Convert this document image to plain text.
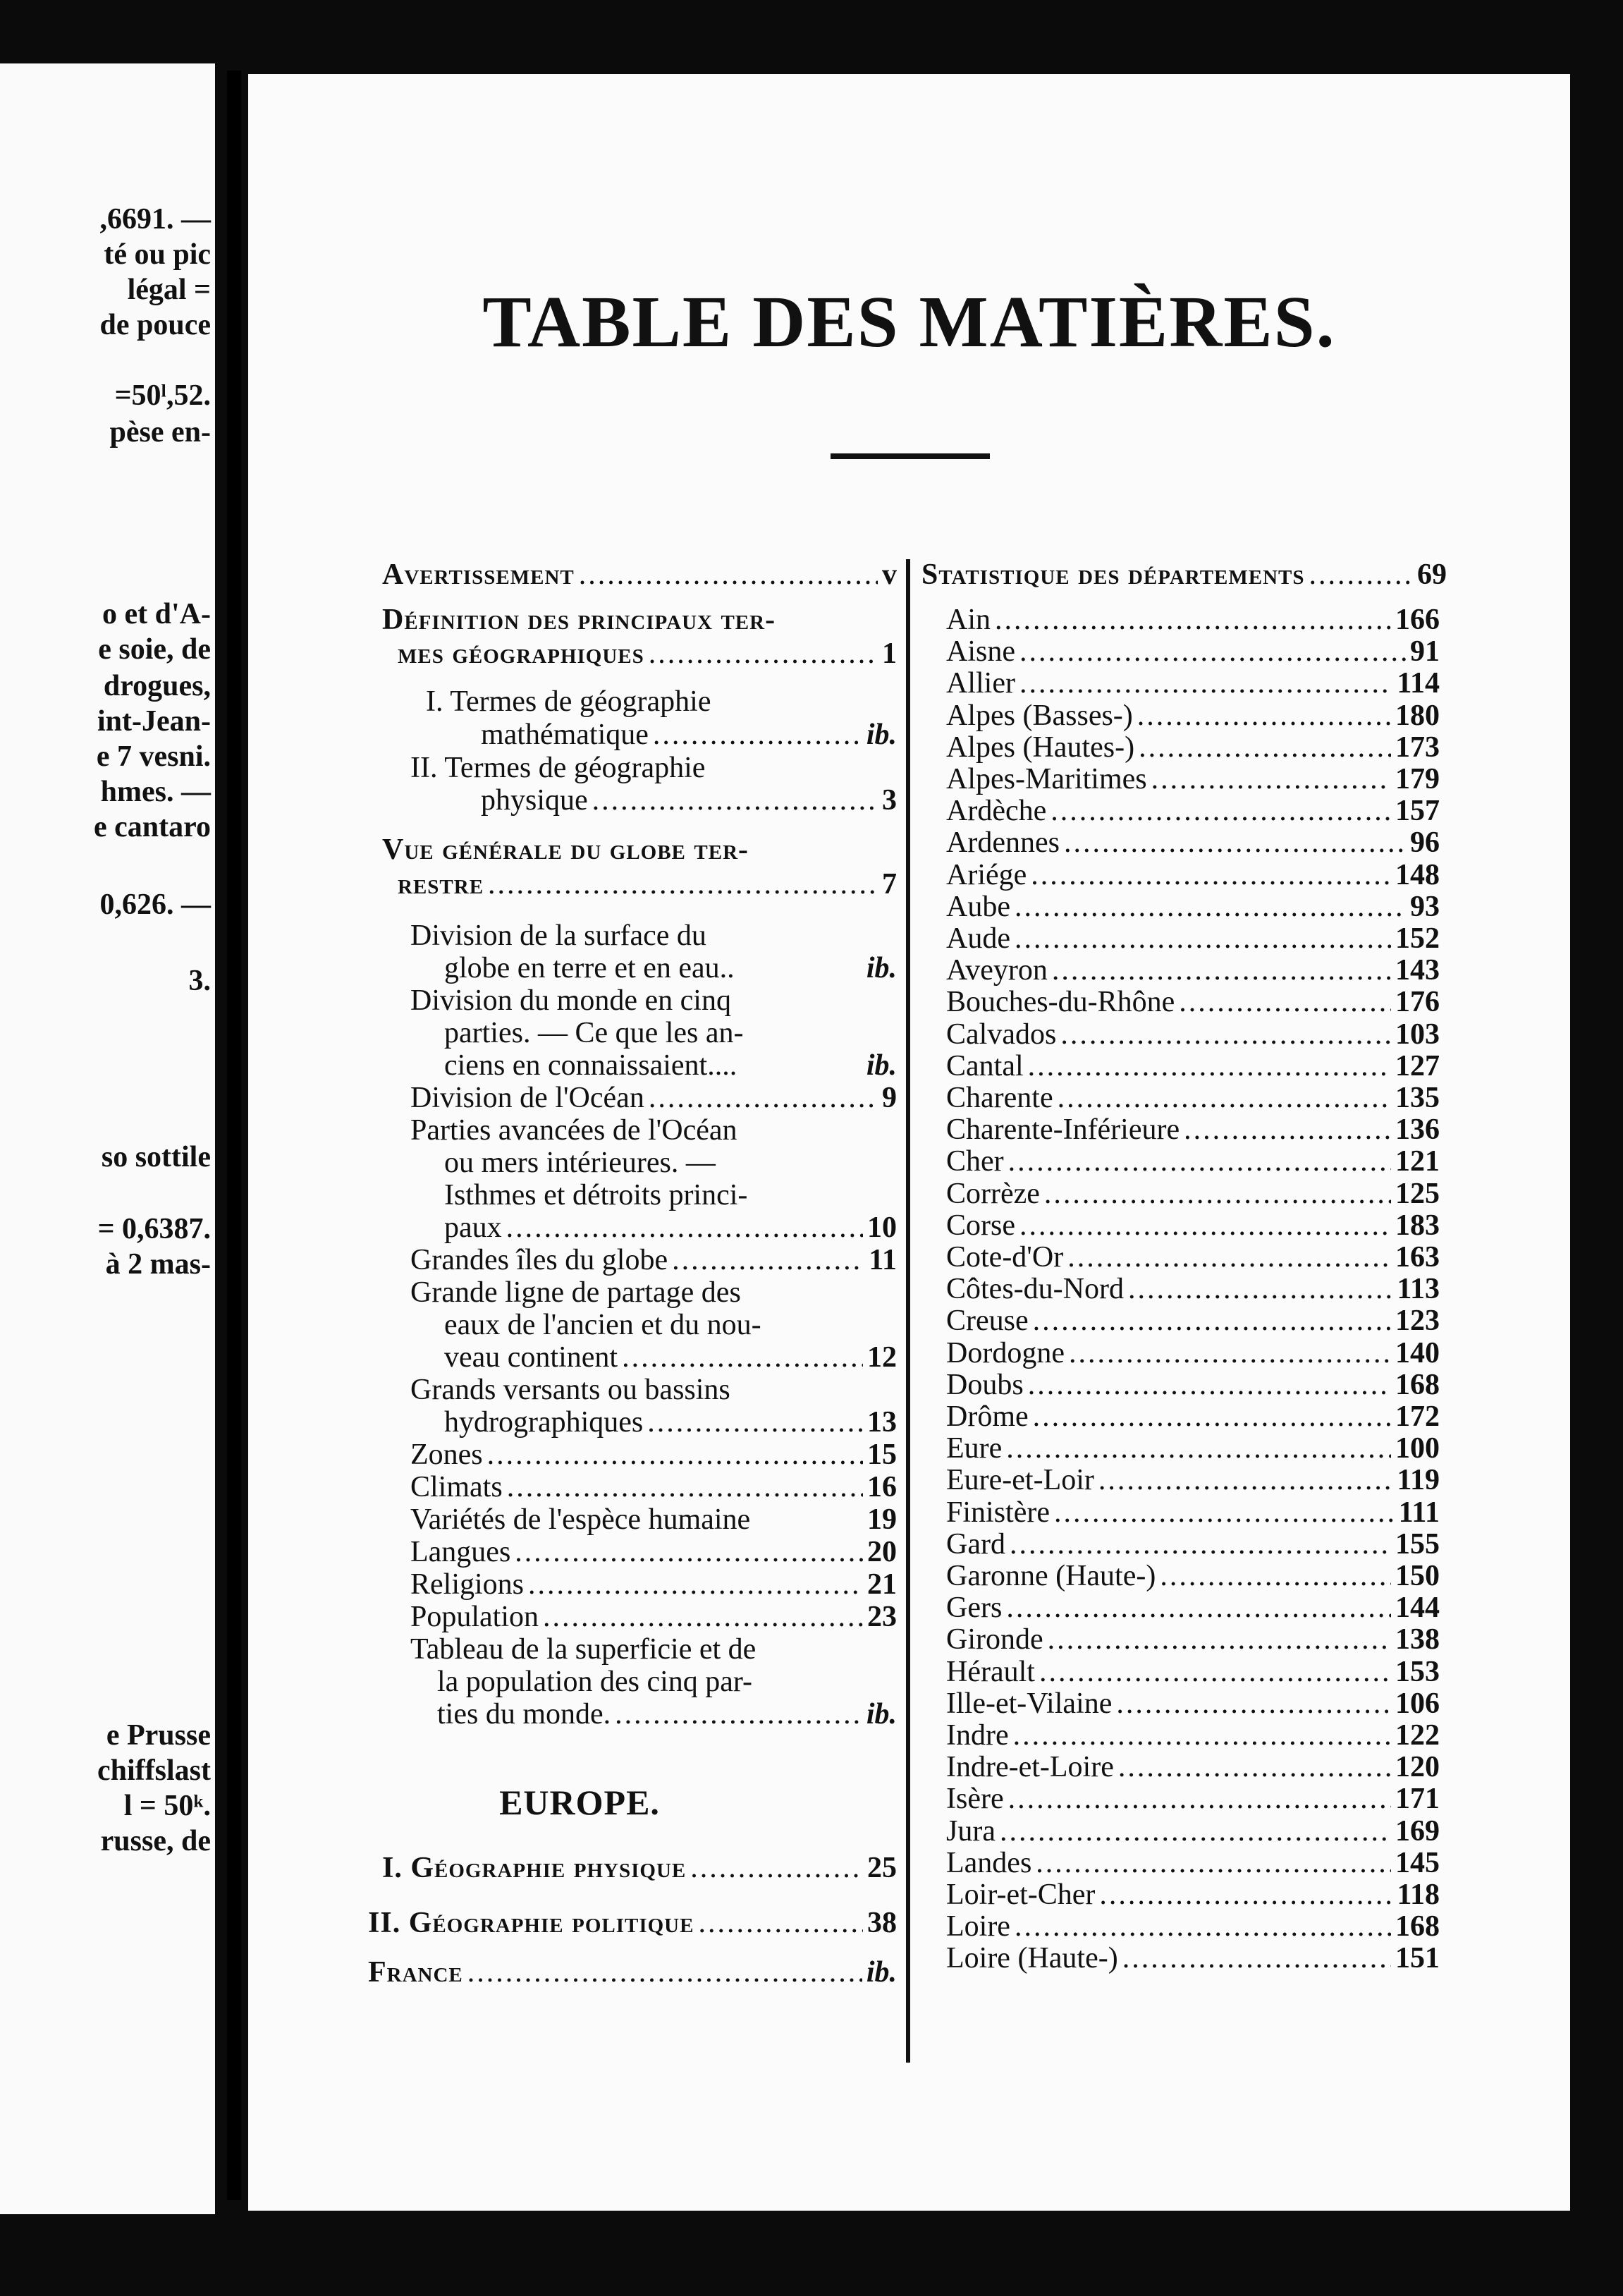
,6691. —
té ou pic
légal =
de pouce
=50ˡ,52.
pèse en-
o et d'A-
e soie, de
drogues,
int-Jean-
e 7 vesni.
hmes. —
e cantaro
0,626. —
3.
so sottile
= 0,6387.
à 2 mas-
e Prusse
chiffslast
l = 50ᵏ.
russe, de
TABLE DES MATIÈRES.
EUROPE.
Avertissement .....	v
Définition des principaux ter-
mes géographiques .....	1
I. Termes de géographie
mathématique .....	ib.
II. Termes de géographie
physique .....	3
Vue générale du globe ter-
restre .....	7
Division de la surface du
globe en terre et en eau..	ib.
Division du monde en cinq
parties. — Ce que les an-
ciens en connaissaient....	ib.
Division de l'Océan .....	9
Parties avancées de l'Océan
ou mers intérieures. —
Isthmes et détroits princi-
paux .....	10
Grandes îles du globe .....	11
Grande ligne de partage des
eaux de l'ancien et du nou-
veau continent .....	12
Grands versants ou bassins
hydrographiques .....	13
Zones .....	15
Climats .....	16
Variétés de l'espèce humaine	19
Langues .....	20
Religions .....	21
Population .....	23
Tableau de la superficie et de
la population des cinq par-
ties du monde. .....	ib.
I. Géographie physique .....	25
II. Géographie politique .....	38
France .....	ib.
Statistique des départements .....	69
Ain .....	166
Aisne .....	91
Allier .....	114
Alpes (Basses-) .....	180
Alpes (Hautes-) .....	173
Alpes-Maritimes .....	179
Ardèche .....	157
Ardennes .....	96
Ariége .....	148
Aube .....	93
Aude .....	152
Aveyron .....	143
Bouches-du-Rhône .....	176
Calvados .....	103
Cantal .....	127
Charente .....	135
Charente-Inférieure .....	136
Cher .....	121
Corrèze .....	125
Corse .....	183
Cote-d'Or .....	163
Côtes-du-Nord .....	113
Creuse .....	123
Dordogne .....	140
Doubs .....	168
Drôme .....	172
Eure .....	100
Eure-et-Loir .....	119
Finistère .....	111
Gard .....	155
Garonne (Haute-) .....	150
Gers .....	144
Gironde .....	138
Hérault .....	153
Ille-et-Vilaine .....	106
Indre .....	122
Indre-et-Loire .....	120
Isère .....	171
Jura .....	169
Landes .....	145
Loir-et-Cher .....	118
Loire .....	168
Loire (Haute-) .....	151
